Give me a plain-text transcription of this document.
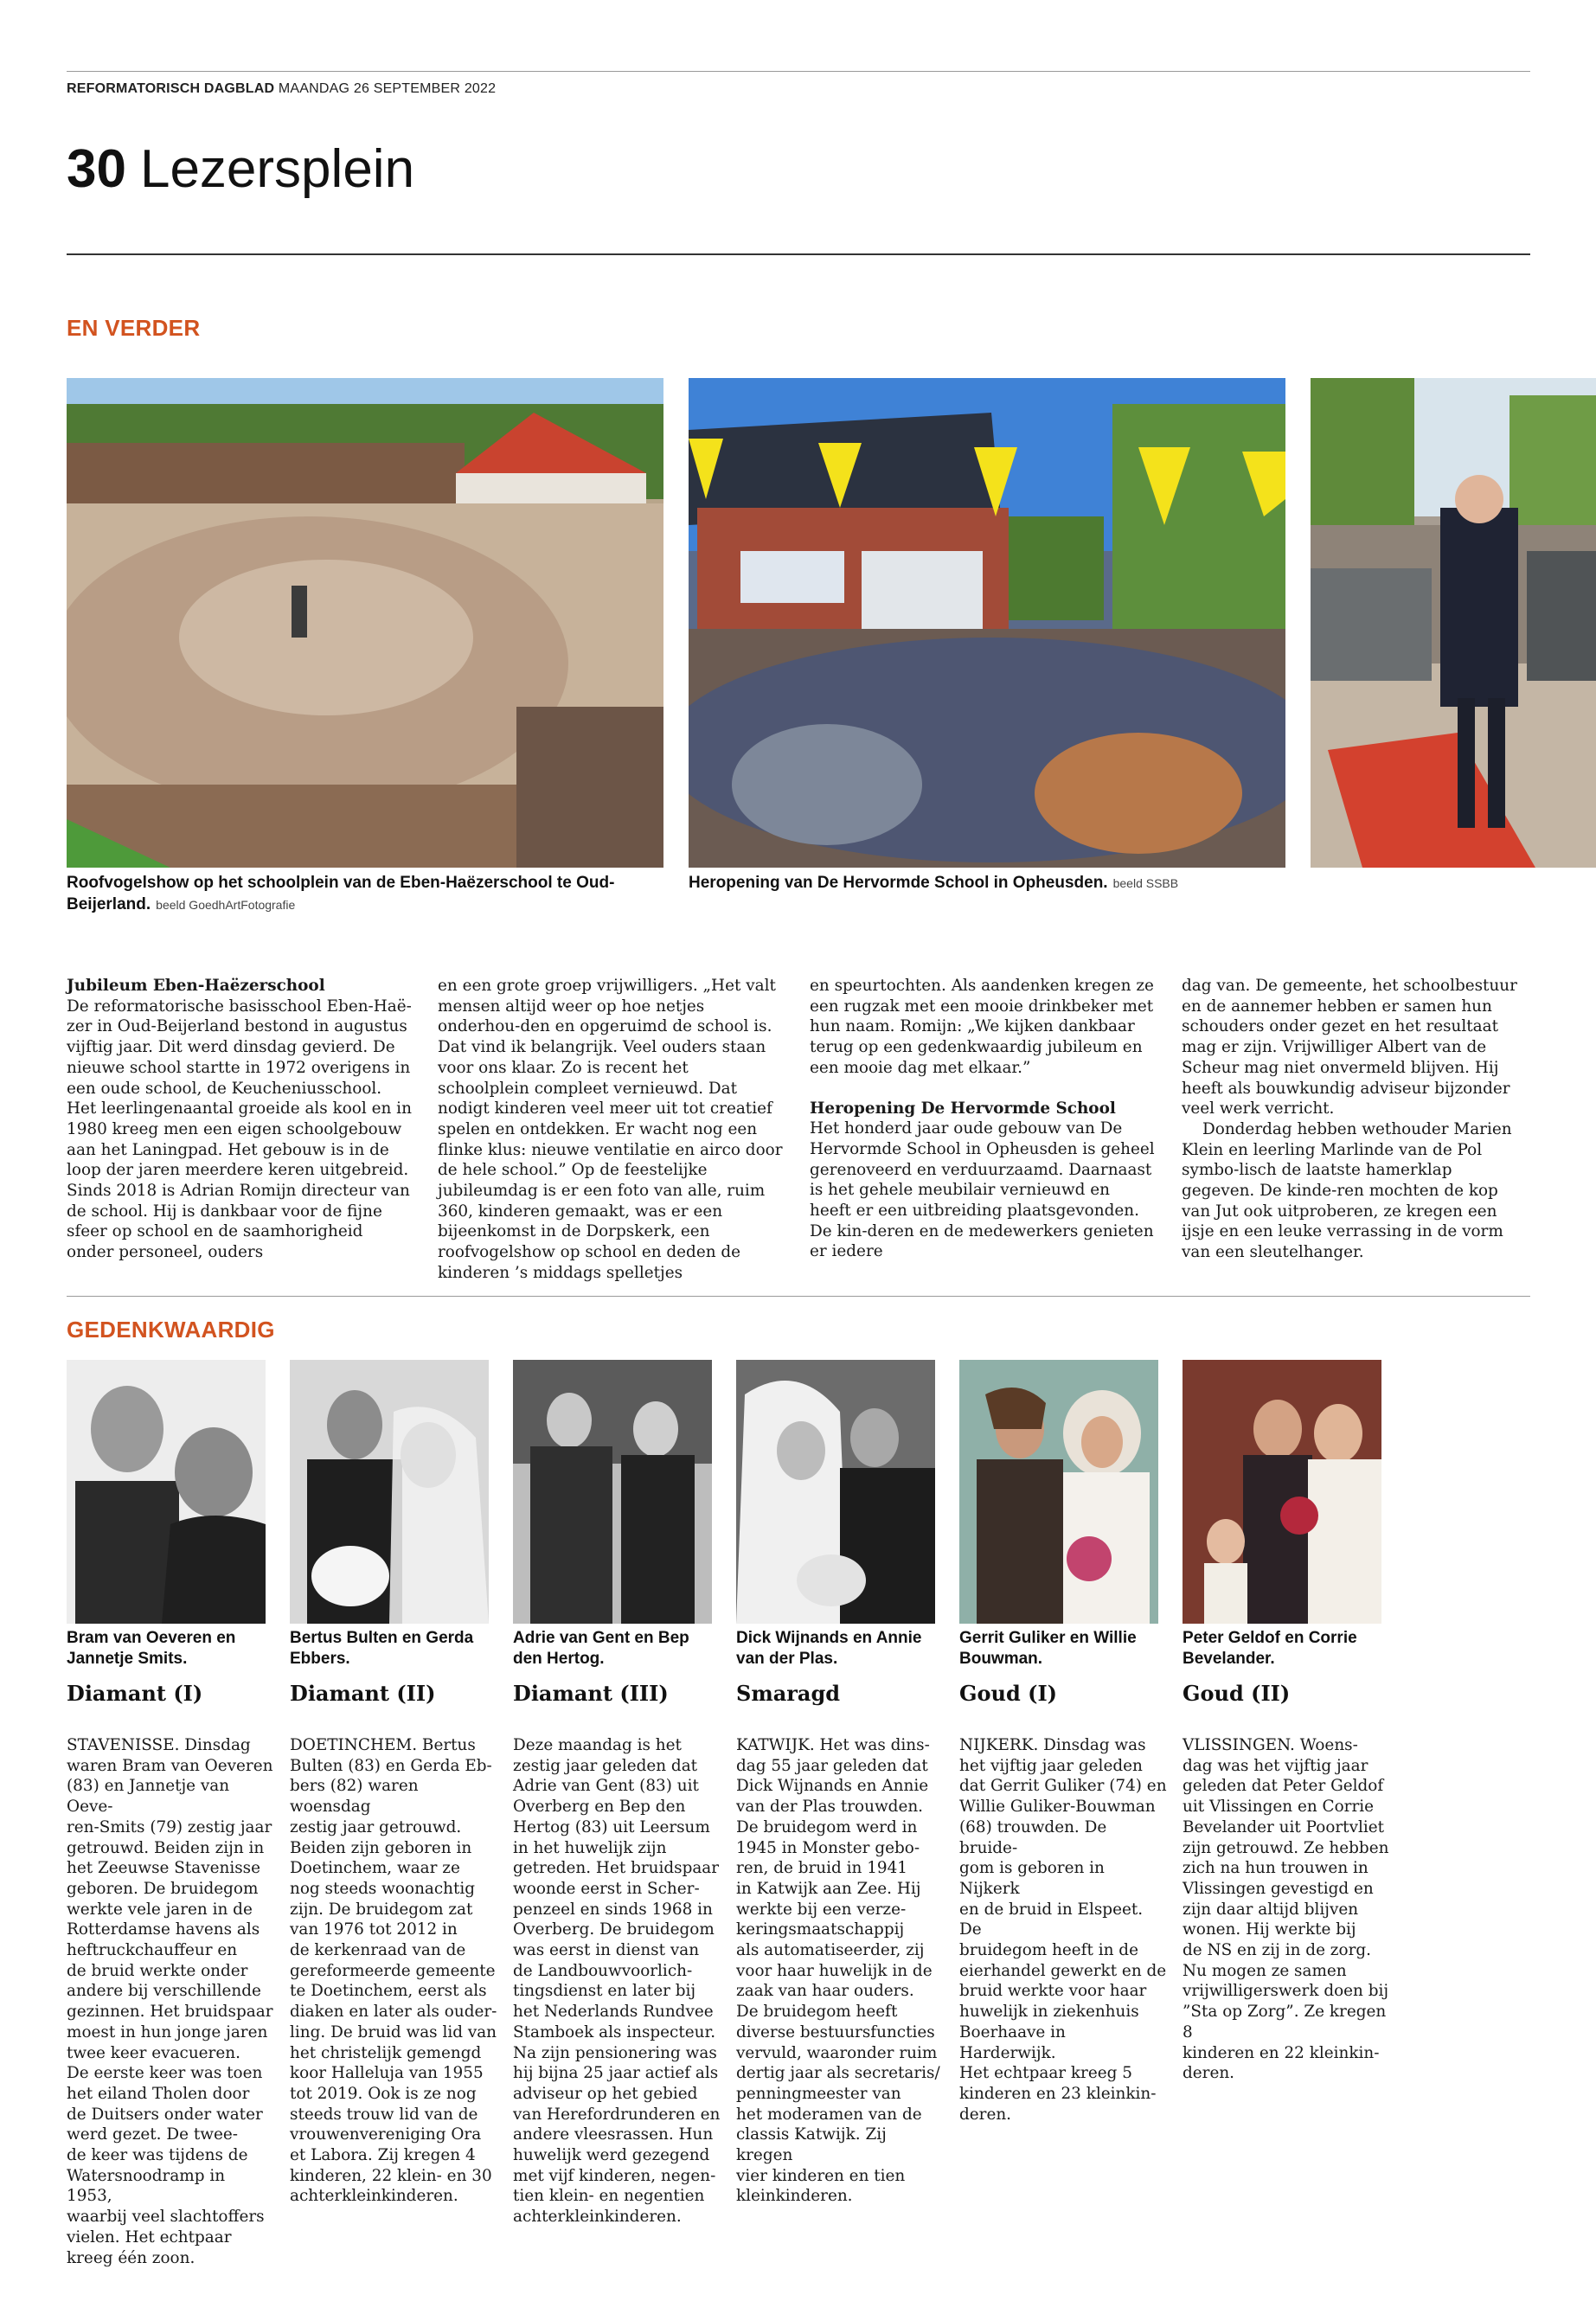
REFORMATORISCH DAGBLAD MAANDAG 26 SEPTEMBER 2022
30 Lezersplein
EN VERDER
Roofvogelshow op het schoolplein van de Eben-Haëzerschool te Oud-Beijerland. beeld GoedhArtFotografie
Heropening van De Hervormde School in Opheusden. beeld SSBB

Jubileum Eben-Haëzerschool

De reformatorische basisschool Eben-Haë-zer in Oud-Beijerland bestond in augustus vijftig jaar. Dit werd dinsdag gevierd. De nieuwe school startte in 1972 overigens in een oude school, de Keucheniusschool. Het leerlingenaantal groeide als kool en in 1980 kreeg men een eigen schoolgebouw aan het Laningpad. Het gebouw is in de loop der jaren meerdere keren uitgebreid. Sinds 2018 is Adrian Romijn directeur van de school. Hij is dankbaar voor de fijne sfeer op school en de saamhorigheid onder personeel, ouders

en een grote groep vrijwilligers. „Het valt mensen altijd weer op hoe netjes onderhou-den en opgeruimd de school is. Dat vind ik belangrijk. Veel ouders staan voor ons klaar. Zo is recent het schoolplein compleet vernieuwd. Dat nodigt kinderen veel meer uit tot creatief spelen en ontdekken. Er wacht nog een flinke klus: nieuwe ventilatie en airco door de hele school.” Op de feestelijke jubileumdag is er een foto van alle, ruim 360, kinderen gemaakt, was er een bijeenkomst in de Dorpskerk, een roofvogelshow op school en deden de kinderen ’s middags spelletjes

en speurtochten. Als aandenken kregen ze een rugzak met een mooie drinkbeker met hun naam. Romijn: „We kijken dankbaar terug op een gedenkwaardig jubileum en een mooie dag met elkaar.”

Heropening De Hervormde School

Het honderd jaar oude gebouw van De Hervormde School in Opheusden is geheel gerenoveerd en verduurzaamd. Daarnaast is het gehele meubilair vernieuwd en heeft er een uitbreiding plaatsgevonden. De kin-deren en de medewerkers genieten er iedere

dag van. De gemeente, het schoolbestuur en de aannemer hebben er samen hun schouders onder gezet en het resultaat mag er zijn. Vrijwilliger Albert van de Scheur mag niet onvermeld blijven. Hij heeft als bouwkundig adviseur bijzonder veel werk verricht.

Donderdag hebben wethouder Marien Klein en leerling Marlinde van de Pol symbo-lisch de laatste hamerklap gegeven. De kinde-ren mochten de kop van Jut ook uitproberen, ze kregen een ijsje en een leuke verrassing in de vorm van een sleutelhanger.

GEDENKWAARDIG
Bram van Oeveren en Jannetje Smits.
Bertus Bulten en Gerda Ebbers.
Adrie van Gent en Bep den Hertog.
Dick Wijnands en Annie van der Plas.
Gerrit Guliker en Willie Bouwman.
Peter Geldof en Corrie Bevelander.
Diamant (I)	Diamant (II)	Diamant (III)	Smaragd	Goud (I)	Goud (II)
STAVENISSE. Dinsdag
waren Bram van Oeveren
(83) en Jannetje van Oeve-
ren-Smits (79) zestig jaar
getrouwd. Beiden zijn in
het Zeeuwse Stavenisse
geboren. De bruidegom
werkte vele jaren in de
Rotterdamse havens als
heftruckchauffeur en
de bruid werkte onder
andere bij verschillende
gezinnen. Het bruidspaar
moest in hun jonge jaren
twee keer evacueren.
De eerste keer was toen
het eiland Tholen door
de Duitsers onder water
werd gezet. De twee-
de keer was tijdens de
Watersnoodramp in 1953,
waarbij veel slachtoffers
vielen. Het echtpaar
kreeg één zoon.
DOETINCHEM. Bertus
Bulten (83) en Gerda Eb-
bers (82) waren woensdag
zestig jaar getrouwd.
Beiden zijn geboren in
Doetinchem, waar ze
nog steeds woonachtig
zijn. De bruidegom zat
van 1976 tot 2012 in
de kerkenraad van de
gereformeerde gemeente
te Doetinchem, eerst als
diaken en later als ouder-
ling. De bruid was lid van
het christelijk gemengd
koor Halleluja van 1955
tot 2019. Ook is ze nog
steeds trouw lid van de
vrouwenvereniging Ora
et Labora. Zij kregen 4
kinderen, 22 klein- en 30
achterkleinkinderen.
Deze maandag is het
zestig jaar geleden dat
Adrie van Gent (83) uit
Overberg en Bep den
Hertog (83) uit Leersum
in het huwelijk zijn
getreden. Het bruidspaar
woonde eerst in Scher-
penzeel en sinds 1968 in
Overberg. De bruidegom
was eerst in dienst van
de Landbouwvoorlich-
tingsdienst en later bij
het Nederlands Rundvee
Stamboek als inspecteur.
Na zijn pensionering was
hij bijna 25 jaar actief als
adviseur op het gebied
van Herefordrunderen en
andere vleesrassen. Hun
huwelijk werd gezegend
met vijf kinderen, negen-
tien klein- en negentien
achterkleinkinderen.
KATWIJK. Het was dins-
dag 55 jaar geleden dat
Dick Wijnands en Annie
van der Plas trouwden.
De bruidegom werd in
1945 in Monster gebo-
ren, de bruid in 1941
in Katwijk aan Zee. Hij
werkte bij een verze-
keringsmaatschappij
als automatiseerder, zij
voor haar huwelijk in de
zaak van haar ouders.
De bruidegom heeft
diverse bestuursfuncties
vervuld, waaronder ruim
dertig jaar als secretaris/
penningmeester van
het moderamen van de
classis Katwijk. Zij kregen
vier kinderen en tien
kleinkinderen.
NIJKERK. Dinsdag was
het vijftig jaar geleden
dat Gerrit Guliker (74) en
Willie Guliker-Bouwman
(68) trouwden. De bruide-
gom is geboren in Nijkerk
en de bruid in Elspeet. De
bruidegom heeft in de
eierhandel gewerkt en de
bruid werkte voor haar
huwelijk in ziekenhuis
Boerhaave in Harderwijk.
Het echtpaar kreeg 5
kinderen en 23 kleinkin-
deren.
VLISSINGEN. Woens-
dag was het vijftig jaar
geleden dat Peter Geldof
uit Vlissingen en Corrie
Bevelander uit Poortvliet
zijn getrouwd. Ze hebben
zich na hun trouwen in
Vlissingen gevestigd en
zijn daar altijd blijven
wonen. Hij werkte bij
de NS en zij in de zorg.
Nu mogen ze samen
vrijwilligerswerk doen bij
”Sta op Zorg”. Ze kregen 8
kinderen en 22 kleinkin-
deren.
